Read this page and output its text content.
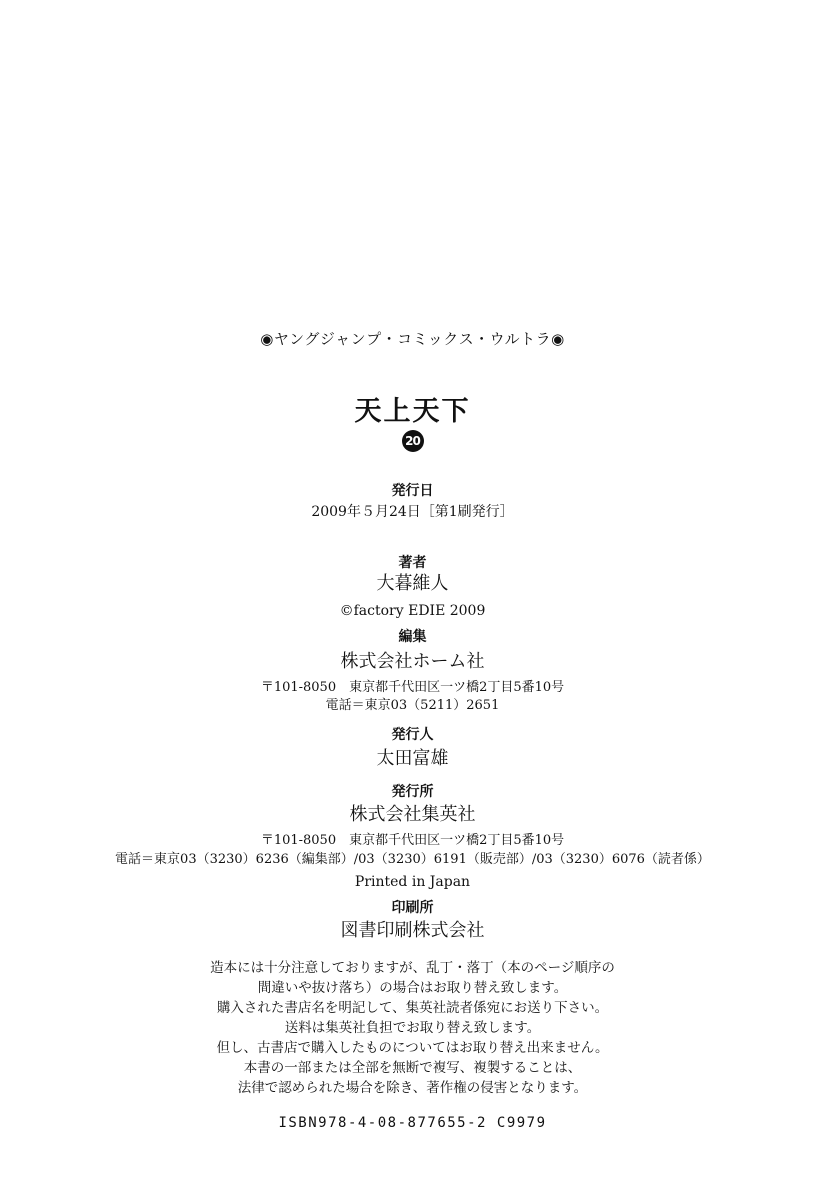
◉ヤングジャンプ・コミックス・ウルトラ◉
天上天下
20
発行日
2009年５月24日［第1刷発行］
著者
大暮維人
©factory EDIE 2009
編集
株式会社ホーム社
〒101-8050　東京都千代田区一ツ橋2丁目5番10号
電話＝東京03（5211）2651
発行人
太田富雄
発行所
株式会社集英社
〒101-8050　東京都千代田区一ツ橋2丁目5番10号
電話＝東京03（3230）6236（編集部）/03（3230）6191（販売部）/03（3230）6076（読者係）
Printed in Japan
印刷所
図書印刷株式会社
造本には十分注意しておりますが、乱丁・落丁（本のページ順序の
間違いや抜け落ち）の場合はお取り替え致します。
購入された書店名を明記して、集英社読者係宛にお送り下さい。
送料は集英社負担でお取り替え致します。
但し、古書店で購入したものについてはお取り替え出来ません。
本書の一部または全部を無断で複写、複製することは、
法律で認められた場合を除き、著作権の侵害となります。
ISBN978-4-08-877655-2 C9979
